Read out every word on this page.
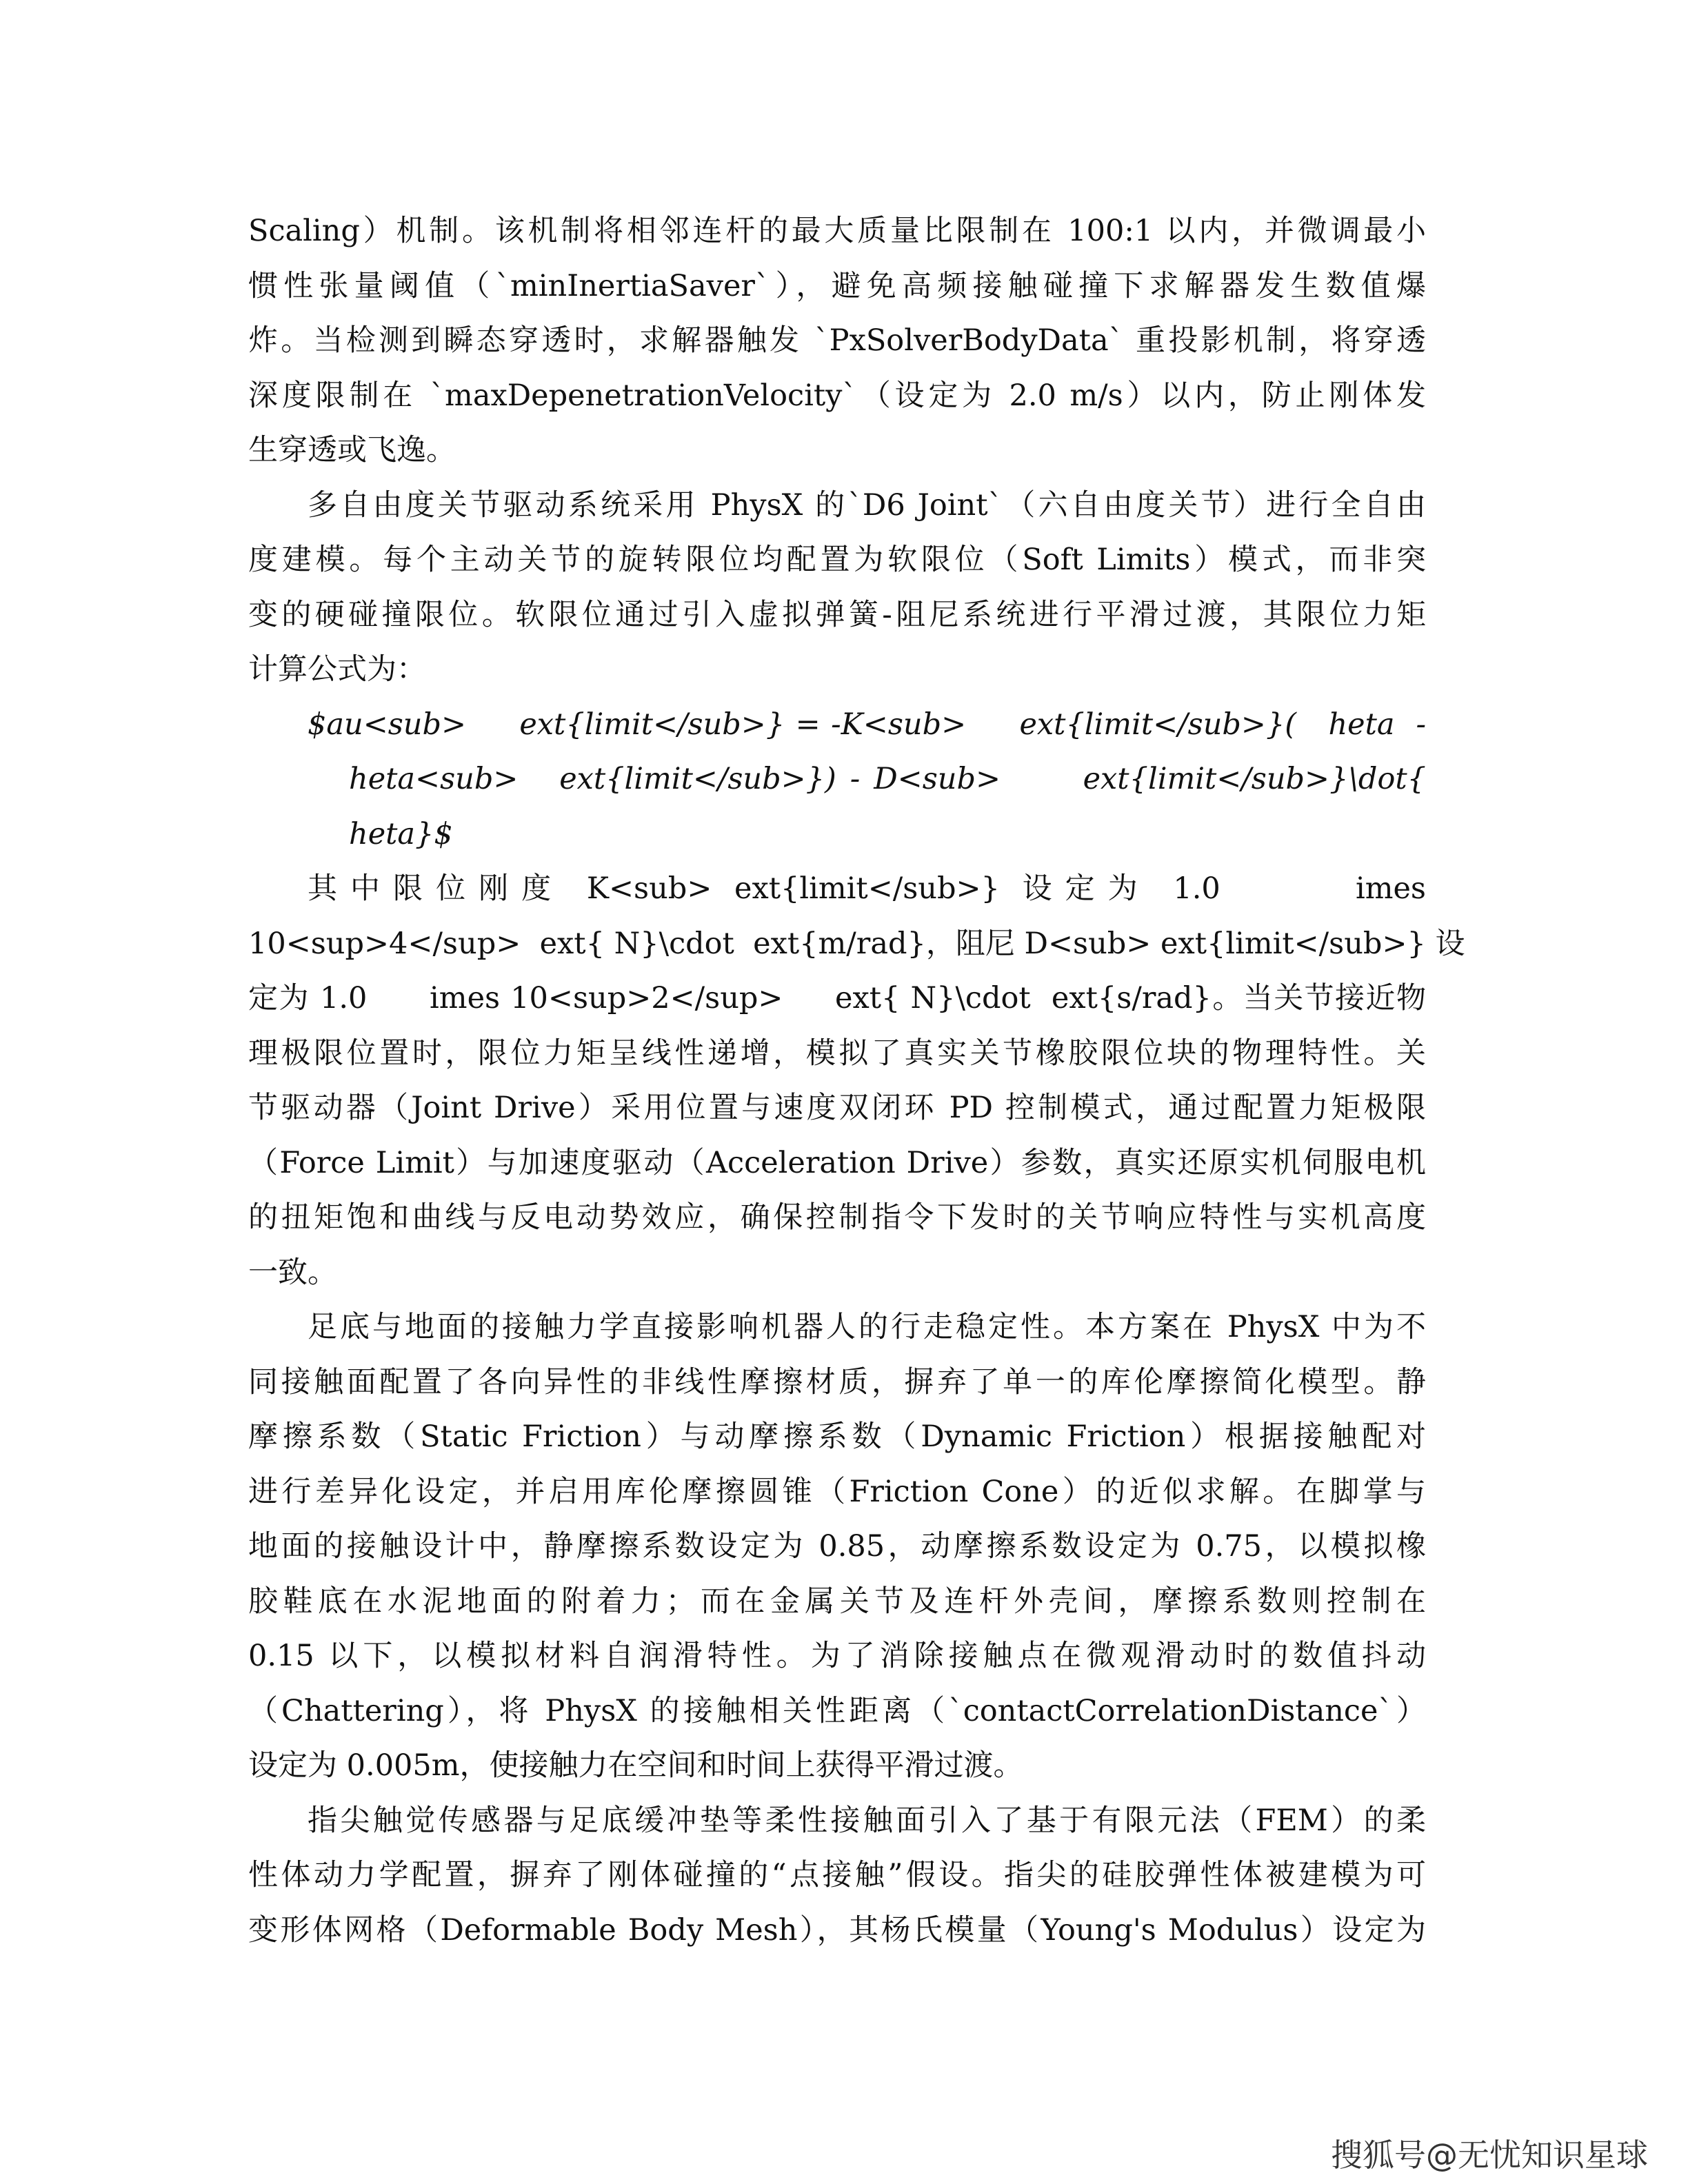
Scaling）机制。该机制将相邻连杆的最大质量比限制在 100:1 以内，并微调最小
惯性张量阈值（`minInertiaSaver`），避免高频接触碰撞下求解器发生数值爆
炸。当检测到瞬态穿透时，求解器触发 `PxSolverBodyData` 重投影机制，将穿透
深度限制在 `maxDepenetrationVelocity`（设定为 2.0 m/s）以内，防止刚体发
生穿透或飞逸。
多自由度关节驱动系统采用 PhysX 的`D6 Joint`（六自由度关节）进行全自由
度建模。每个主动关节的旋转限位均配置为软限位（Soft Limits）模式，而非突
变的硬碰撞限位。软限位通过引入虚拟弹簧-阻尼系统进行平滑过渡，其限位力矩
计算公式为：
$au<sub>     ext{limit</sub>} = -K<sub>     ext{limit</sub>}(   heta  -
heta<sub>   ext{limit</sub>}) - D<sub>      ext{limit</sub>}\dot{
heta}$
其中限位刚度 K<sub> ext{limit</sub>} 设定为 1.0      imes
10<sup>4</sup>  ext{ N}\cdot  ext{m/rad}，阻尼 D<sub> ext{limit</sub>} 设
定为 1.0      imes 10<sup>2</sup>     ext{ N}\cdot  ext{s/rad}。当关节接近物
理极限位置时，限位力矩呈线性递增，模拟了真实关节橡胶限位块的物理特性。关
节驱动器（Joint Drive）采用位置与速度双闭环 PD 控制模式，通过配置力矩极限
（Force Limit）与加速度驱动（Acceleration Drive）参数，真实还原实机伺服电机
的扭矩饱和曲线与反电动势效应，确保控制指令下发时的关节响应特性与实机高度
一致。
足底与地面的接触力学直接影响机器人的行走稳定性。本方案在 PhysX 中为不
同接触面配置了各向异性的非线性摩擦材质，摒弃了单一的库伦摩擦简化模型。静
摩擦系数（Static Friction）与动摩擦系数（Dynamic Friction）根据接触配对
进行差异化设定，并启用库伦摩擦圆锥（Friction Cone）的近似求解。在脚掌与
地面的接触设计中，静摩擦系数设定为 0.85，动摩擦系数设定为 0.75，以模拟橡
胶鞋底在水泥地面的附着力；而在金属关节及连杆外壳间，摩擦系数则控制在
0.15 以下，以模拟材料自润滑特性。为了消除接触点在微观滑动时的数值抖动
（Chattering），将 PhysX 的接触相关性距离（`contactCorrelationDistance`）
设定为 0.005m，使接触力在空间和时间上获得平滑过渡。
指尖触觉传感器与足底缓冲垫等柔性接触面引入了基于有限元法（FEM）的柔
性体动力学配置，摒弃了刚体碰撞的“点接触”假设。指尖的硅胶弹性体被建模为可
变形体网格（Deformable Body Mesh），其杨氏模量（Young's Modulus）设定为
搜狐号@无忧知识星球
